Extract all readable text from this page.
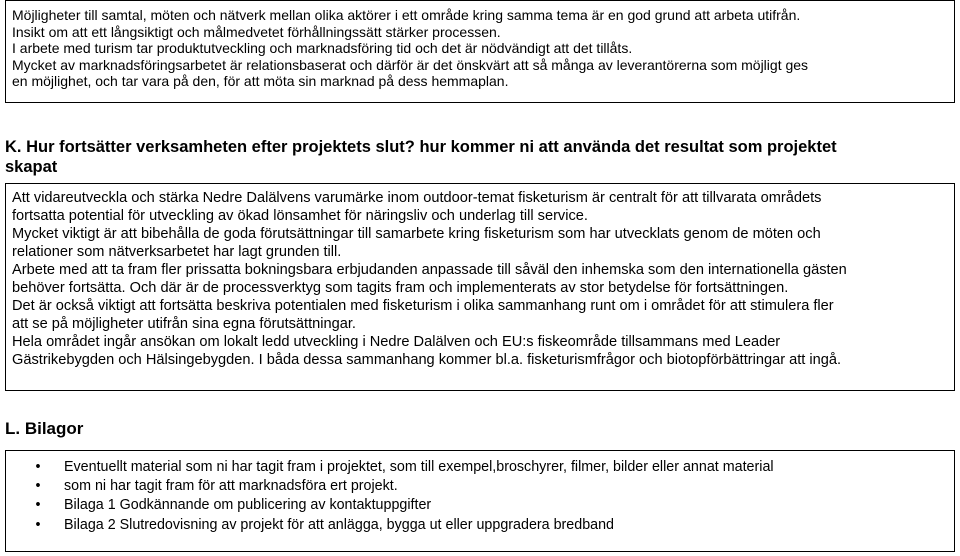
Möjligheter till samtal, möten och nätverk mellan olika aktörer i ett område kring samma tema är en god grund att arbeta utifrån.

Insikt om att ett långsiktigt och målmedvetet förhållningssätt stärker processen.

I arbete med turism tar produktutveckling och marknadsföring tid och det är nödvändigt att det tillåts.

Mycket av marknadsföringsarbetet är relationsbaserat och därför är det önskvärt att så många av leverantörerna som möjligt ges

en möjlighet, och tar vara på den, för att möta sin marknad på dess hemmaplan.

K. Hur fortsätter verksamheten efter projektets slut? hur kommer ni att använda det resultat som projektet
skapat

Att vidareutveckla och stärka Nedre Dalälvens varumärke inom outdoor-temat fisketurism är centralt för att tillvarata områdets

fortsatta potential för utveckling av ökad lönsamhet för näringsliv och underlag till service.

Mycket viktigt är att bibehålla de goda förutsättningar till samarbete kring fisketurism som har utvecklats genom de möten och

relationer som nätverksarbetet har lagt grunden till.

Arbete med att ta fram fler prissatta bokningsbara erbjudanden anpassade till såväl den inhemska som den internationella gästen

behöver fortsätta. Och där är de processverktyg som tagits fram och implementerats av stor betydelse för fortsättningen.

Det är också viktigt att fortsätta beskriva potentialen med fisketurism i olika sammanhang runt om i området för att stimulera fler

att se på möjligheter utifrån sina egna förutsättningar.

Hela området ingår ansökan om lokalt ledd utveckling i Nedre Dalälven och EU:s fiskeområde tillsammans med Leader

Gästrikebygden och Hälsingebygden. I båda dessa sammanhang kommer bl.a. fisketurismfrågor och biotopförbättringar att ingå.

L. Bilagor
•	Eventuellt material som ni har tagit fram i projektet, som till exempel,broschyrer, filmer, bilder eller annat material
•	som ni har tagit fram för att marknadsföra ert projekt.
•	Bilaga 1 Godkännande om publicering av kontaktuppgifter
•	Bilaga 2 Slutredovisning av projekt för att anlägga, bygga ut eller uppgradera bredband
